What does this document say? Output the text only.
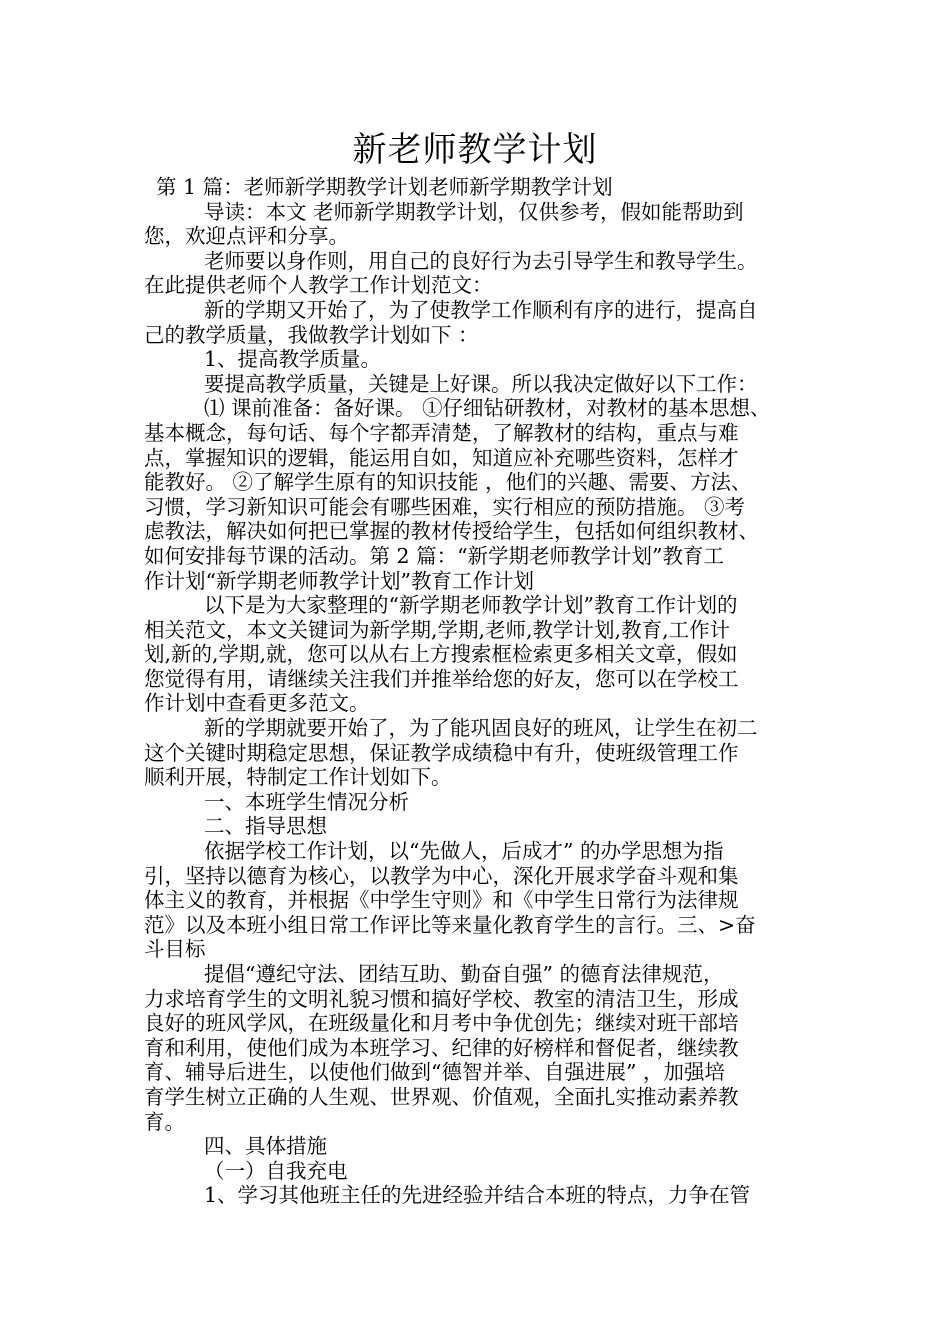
新老师教学计划
第 1 篇：老师新学期教学计划老师新学期教学计划
导读：本文 老师新学期教学计划，仅供参考，假如能帮助到
您，欢迎点评和分享。
老师要以身作则，用自己的良好行为去引导学生和教导学生。
在此提供老师个人教学工作计划范文：
新的学期又开始了，为了使教学工作顺利有序的进行，提高自
己的教学质量，我做教学计划如下 ：
1、提高教学质量。
要提高教学质量，关键是上好课。所以我决定做好以下工作：
⑴ 课前准备：备好课。 ①仔细钻研教材，对教材的基本思想、
基本概念，每句话、每个字都弄清楚，了解教材的结构，重点与难
点，掌握知识的逻辑，能运用自如，知道应补充哪些资料，怎样才
能教好。 ②了解学生原有的知识技能 ，他们的兴趣、需要、方法、
习惯，学习新知识可能会有哪些困难，实行相应的预防措施。 ③考
虑教法，解决如何把已掌握的教材传授给学生，包括如何组织教材、
如何安排每节课的活动。第 2 篇：“新学期老师教学计划”教育工
作计划“新学期老师教学计划”教育工作计划
以下是为大家整理的“新学期老师教学计划”教育工作计划的
相关范文，本文关键词为新学期,学期,老师,教学计划,教育,工作计
划,新的,学期,就，您可以从右上方搜索框检索更多相关文章，假如
您觉得有用，请继续关注我们并推举给您的好友，您可以在学校工
作计划中查看更多范文。
新的学期就要开始了，为了能巩固良好的班风，让学生在初二
这个关键时期稳定思想，保证教学成绩稳中有升，使班级管理工作
顺利开展，特制定工作计划如下。
一、本班学生情况分析
二、指导思想
依据学校工作计划，以“先做人，后成才” 的办学思想为指
引，坚持以德育为核心，以教学为中心，深化开展求学奋斗观和集
体主义的教育，并根据《中学生守则》和《中学生日常行为法律规
范》以及本班小组日常工作评比等来量化教育学生的言行。三、>奋
斗目标
提倡“遵纪守法、团结互助、勤奋自强” 的德育法律规范，
力求培育学生的文明礼貌习惯和搞好学校、教室的清洁卫生，形成
良好的班风学风，在班级量化和月考中争优创先；继续对班干部培
育和利用，使他们成为本班学习、纪律的好榜样和督促者，继续教
育、辅导后进生，以使他们做到“德智并举、自强进展” ，加强培
育学生树立正确的人生观、世界观、价值观，全面扎实推动素养教
育。
四、具体措施
（一）自我充电
1、学习其他班主任的先进经验并结合本班的特点，力争在管
